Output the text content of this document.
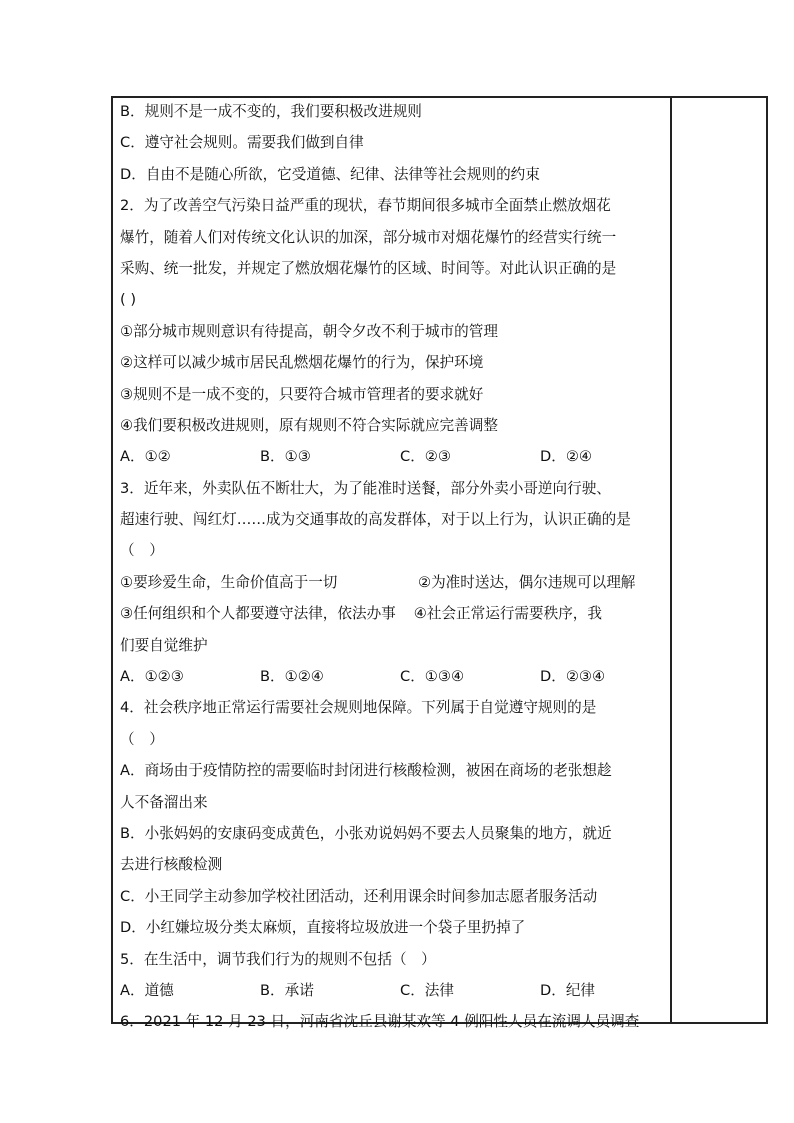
B．规则不是一成不变的，我们要积极改进规则
C．遵守社会规则。需要我们做到自律
D．自由不是随心所欲，它受道德、纪律、法律等社会规则的约束
2．为了改善空气污染日益严重的现状，春节期间很多城市全面禁止燃放烟花
爆竹，随着人们对传统文化认识的加深，部分城市对烟花爆竹的经营实行统一
采购、统一批发，并规定了燃放烟花爆竹的区域、时间等。对此认识正确的是
( )
①部分城市规则意识有待提高，朝令夕改不利于城市的管理
②这样可以减少城市居民乱燃烟花爆竹的行为，保护环境
③规则不是一成不变的，只要符合城市管理者的要求就好
④我们要积极改进规则，原有规则不符合实际就应完善调整
A．①②	B．①③	C．②③	D．②④
3．近年来，外卖队伍不断壮大，为了能准时送餐，部分外卖小哥逆向行驶、
超速行驶、闯红灯……成为交通事故的高发群体，对于以上行为，认识正确的是
（　）
①要珍爱生命，生命价值高于一切	②为准时送达，偶尔违规可以理解
③任何组织和个人都要遵守法律，依法办事 ④社会正常运行需要秩序，我
们要自觉维护
A．①②③	B．①②④	C．①③④	D．②③④
4．社会秩序地正常运行需要社会规则地保障。下列属于自觉遵守规则的是
（　）
A．商场由于疫情防控的需要临时封闭进行核酸检测，被困在商场的老张想趁
人不备溜出来
B．小张妈妈的安康码变成黄色，小张劝说妈妈不要去人员聚集的地方，就近
去进行核酸检测
C．小王同学主动参加学校社团活动，还利用课余时间参加志愿者服务活动
D．小红嫌垃圾分类太麻烦，直接将垃圾放进一个袋子里扔掉了
5．在生活中，调节我们行为的规则不包括（　）
A．道德	B．承诺	C．法律	D．纪律
6．2021 年 12 月 23 日，河南省沈丘县谢某欢等 4 例阳性人员在流调人员调查
